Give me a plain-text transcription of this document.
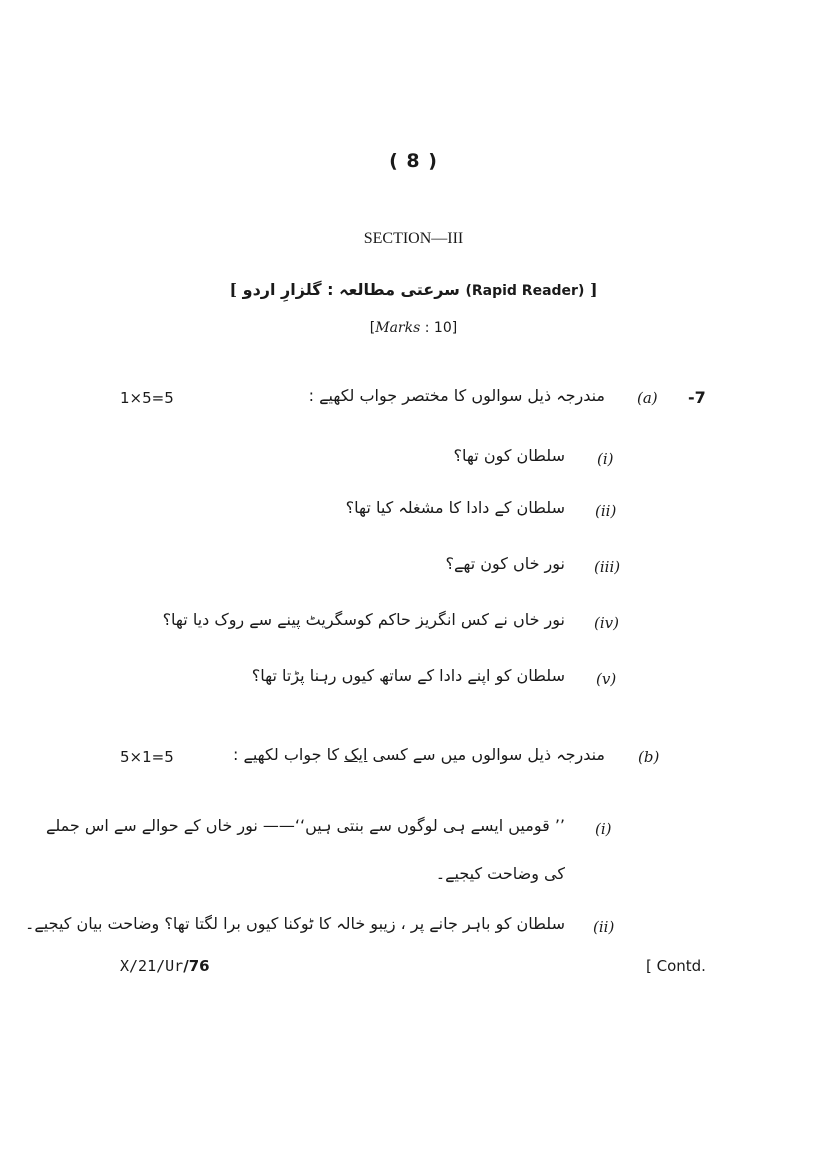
( 8 )
SECTION—III
[ سرعتی مطالعہ : گلزارِ اردو (Rapid Reader) ]
[Marks : 10]
-7
(a)
مندرجہ ذیل سوالوں کا مختصر جواب لکھیے :
1×5=5
(i)
سلطان کون تھا؟
(ii)
سلطان کے دادا کا مشغلہ کیا تھا؟
(iii)
نور خاں کون تھے؟
(iv)
نور خاں نے کس انگریز حاکم کوسگریٹ پینے سے روک دیا تھا؟
(v)
سلطان کو اپنے دادا کے ساتھ کیوں رہنا پڑتا تھا؟
(b)
مندرجہ ذیل سوالوں میں سے کسی ایک کا جواب لکھیے :
5×1=5
(i)
’’ قومیں ایسے ہی لوگوں سے بنتی ہیں‘‘—— نور خاں کے حوالے سے اس جملے
کی وضاحت کیجیے۔
(ii)
سلطان کو باہر جانے پر ، زیبو خالہ کا ٹوکنا کیوں برا لگتا تھا؟ وضاحت بیان کیجیے۔
X/21/Ur/76	[ Contd.
